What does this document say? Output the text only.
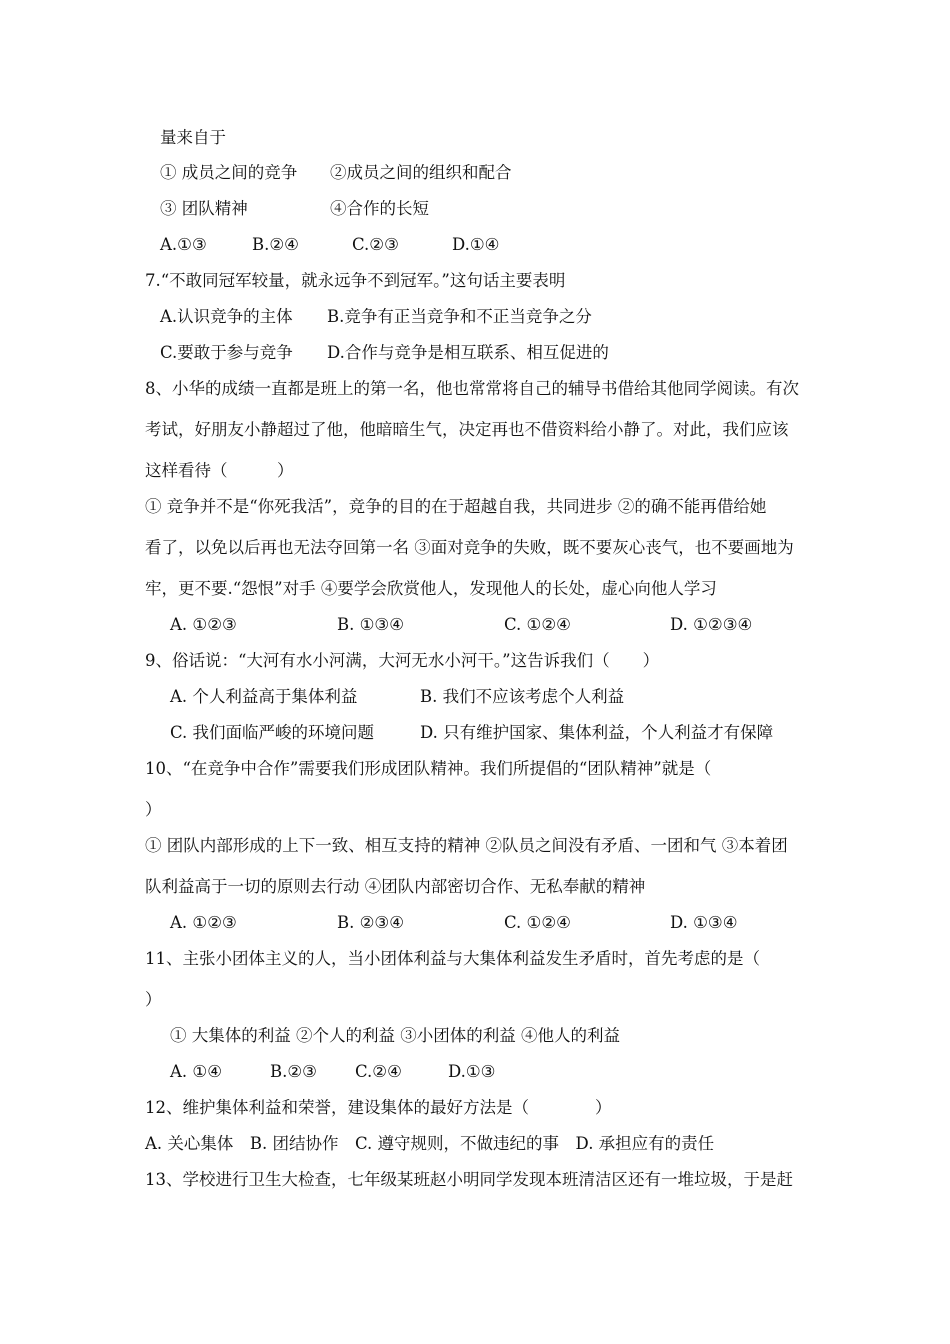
量来自于
① 成员之间的竞争 ②成员之间的组织和配合
③ 团队精神	④合作的长短
A.①③	B.②④	C.②③	D.①④
7.“不敢同冠军较量，就永远争不到冠军。”这句话主要表明
A.认识竞争的主体 B.竞争有正当竞争和不正当竞争之分
C.要敢于参与竞争 D.合作与竞争是相互联系、相互促进的
8、小华的成绩一直都是班上的第一名，他也常常将自己的辅导书借给其他同学阅读。有次
考试，好朋友小静超过了他，他暗暗生气，决定再也不借资料给小静了。对此，我们应该
这样看待（　　　）
① 竞争并不是“你死我活”，竞争的目的在于超越自我，共同进步 ②的确不能再借给她
看了，以免以后再也无法夺回第一名 ③面对竞争的失败，既不要灰心丧气，也不要画地为
牢，更不要.“怨恨”对手 ④要学会欣赏他人，发现他人的长处，虚心向他人学习
A. ①②③	B. ①③④	C. ①②④	D. ①②③④
9、俗话说：“大河有水小河满，大河无水小河干。”这告诉我们（　　）
A. 个人利益高于集体利益	B. 我们不应该考虑个人利益
C. 我们面临严峻的环境问题	D. 只有维护国家、集体利益，个人利益才有保障
10、“在竞争中合作”需要我们形成团队精神。我们所提倡的“团队精神”就是（
）
① 团队内部形成的上下一致、相互支持的精神 ②队员之间没有矛盾、一团和气 ③本着团
队利益高于一切的原则去行动 ④团队内部密切合作、无私奉献的精神
A. ①②③	B. ②③④	C. ①②④	D. ①③④
11、主张小团体主义的人，当小团体利益与大集体利益发生矛盾时，首先考虑的是（
）
① 大集体的利益 ②个人的利益 ③小团体的利益 ④他人的利益
A. ①④	B.②③ C.②④	D.①③
12、维护集体利益和荣誉，建设集体的最好方法是（　　　　）
A. 关心集体　B. 团结协作　C. 遵守规则，不做违纪的事　D. 承担应有的责任
13、学校进行卫生大检查，七年级某班赵小明同学发现本班清洁区还有一堆垃圾，于是赶
